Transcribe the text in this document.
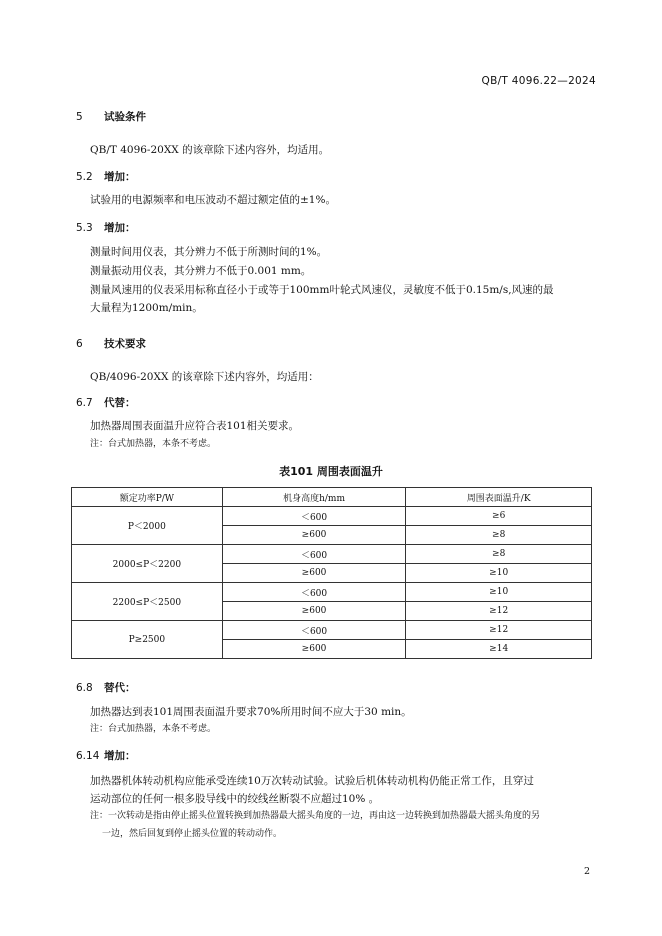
QB/T 4096.22—2024
5 试验条件
QB/T 4096-20XX 的该章除下述内容外，均适用。
5.2 增加：
试验用的电源频率和电压波动不超过额定值的±1%。
5.3 增加：
测量时间用仪表，其分辨力不低于所测时间的1%。
测量振动用仪表，其分辨力不低于0.001 mm。
测量风速用的仪表采用标称直径小于或等于100mm叶轮式风速仪，灵敏度不低于0.15m/s,风速的最
大量程为1200m/min。
6 技术要求
QB/4096-20XX 的该章除下述内容外，均适用：
6.7 代替：
加热器周围表面温升应符合表101相关要求。
注：台式加热器，本条不考虑。
表101 周围表面温升
额定功率P/W	机身高度h/mm	周围表面温升/K
P＜2000	＜600	≥6
	≥600	≥8
2000≤P＜2200	＜600	≥8
	≥600	≥10
2200≤P＜2500	＜600	≥10
	≥600	≥12
P≥2500	＜600	≥12
	≥600	≥14
6.8 替代：
加热器达到表101周围表面温升要求70%所用时间不应大于30 min。
注：台式加热器，本条不考虑。
6.14 增加：
加热器机体转动机构应能承受连续10万次转动试验。试验后机体转动机构仍能正常工作，且穿过
运动部位的任何一根多股导线中的绞线丝断裂不应超过10% 。
注：一次转动是指由停止摇头位置转换到加热器最大摇头角度的一边，再由这一边转换到加热器最大摇头角度的另
一边，然后回复到停止摇头位置的转动动作。
2
